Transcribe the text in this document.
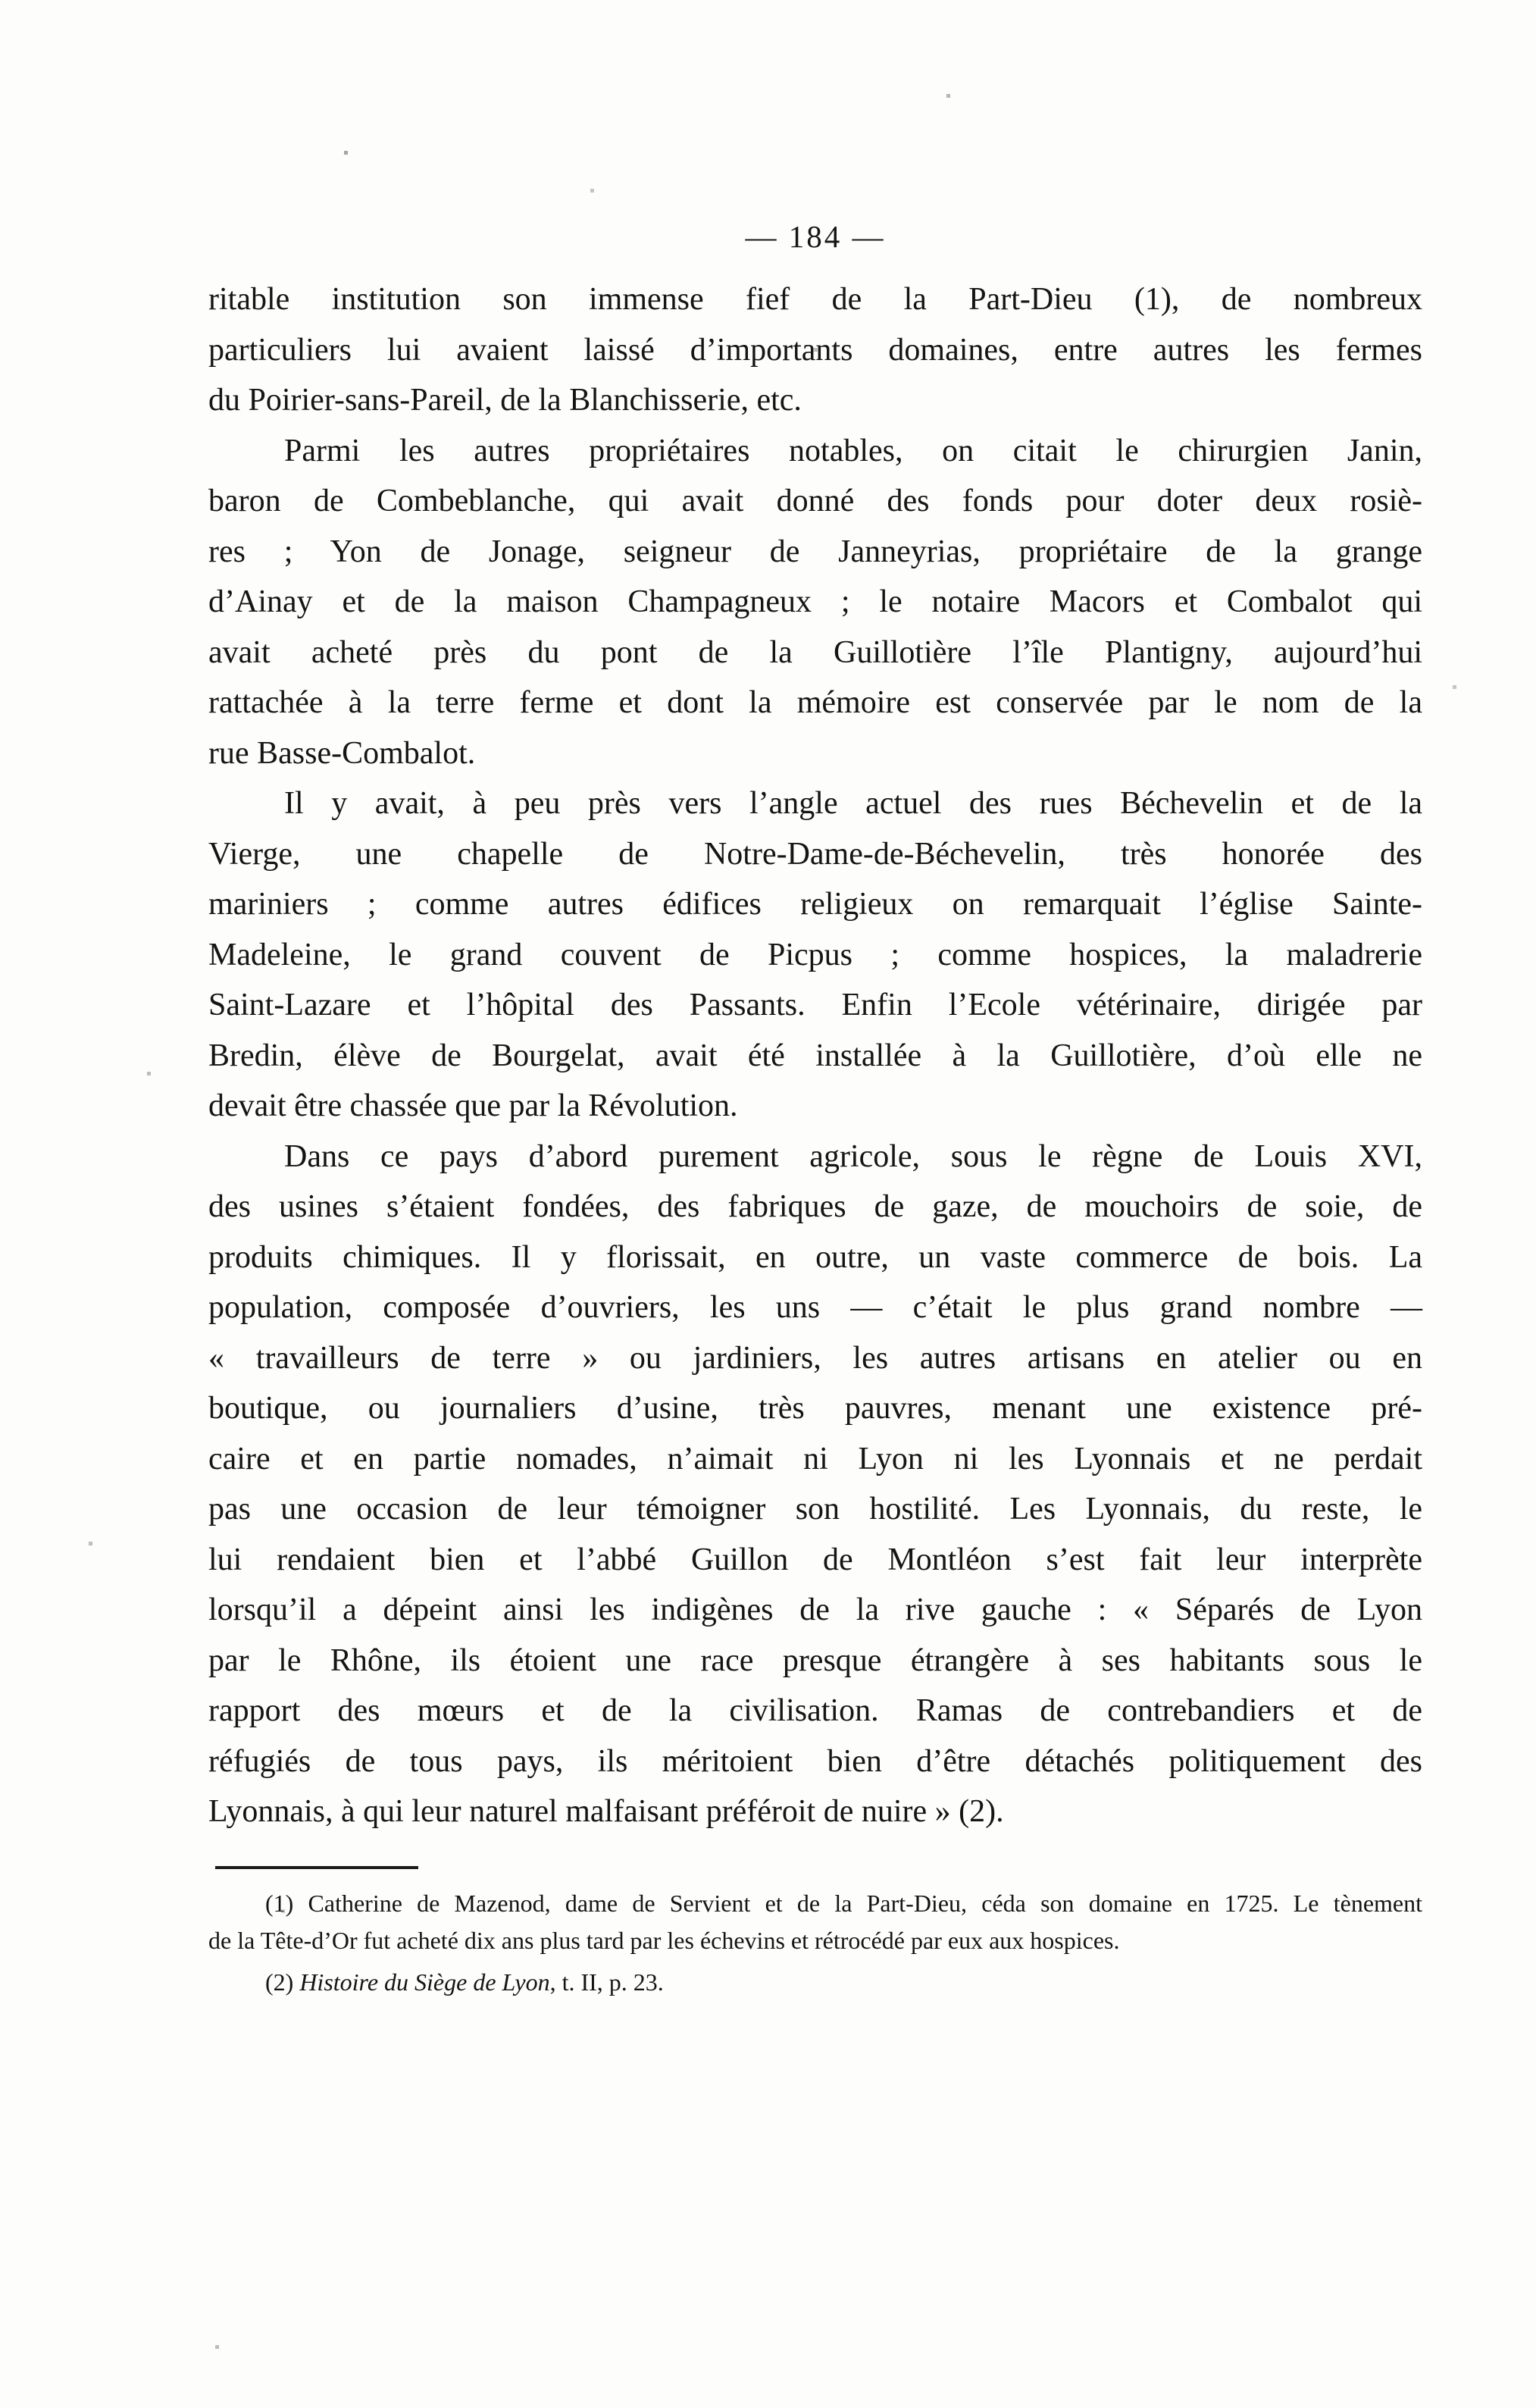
— 184 —
ritable institution son immense fief de la Part-Dieu (1), de nombreux
particuliers lui avaient laissé d’importants domaines, entre autres les fermes
du Poirier-sans-Pareil, de la Blanchisserie, etc.
Parmi les autres propriétaires notables, on citait le chirurgien Janin,
baron de Combeblanche, qui avait donné des fonds pour doter deux rosiè-
res ; Yon de Jonage, seigneur de Janneyrias, propriétaire de la grange
d’Ainay et de la maison Champagneux ; le notaire Macors et Combalot qui
avait acheté près du pont de la Guillotière l’île Plantigny, aujourd’hui
rattachée à la terre ferme et dont la mémoire est conservée par le nom de la
rue Basse-Combalot.
Il y avait, à peu près vers l’angle actuel des rues Béchevelin et de la
Vierge, une chapelle de Notre-Dame-de-Béchevelin, très honorée des
mariniers ; comme autres édifices religieux on remarquait l’église Sainte-
Madeleine, le grand couvent de Picpus ; comme hospices, la maladrerie
Saint-Lazare et l’hôpital des Passants. Enfin l’Ecole vétérinaire, dirigée par
Bredin, élève de Bourgelat, avait été installée à la Guillotière, d’où elle ne
devait être chassée que par la Révolution.
Dans ce pays d’abord purement agricole, sous le règne de Louis XVI,
des usines s’étaient fondées, des fabriques de gaze, de mouchoirs de soie, de
produits chimiques. Il y florissait, en outre, un vaste commerce de bois. La
population, composée d’ouvriers, les uns — c’était le plus grand nombre —
« travailleurs de terre » ou jardiniers, les autres artisans en atelier ou en
boutique, ou journaliers d’usine, très pauvres, menant une existence pré-
caire et en partie nomades, n’aimait ni Lyon ni les Lyonnais et ne perdait
pas une occasion de leur témoigner son hostilité. Les Lyonnais, du reste, le
lui rendaient bien et l’abbé Guillon de Montléon s’est fait leur interprète
lorsqu’il a dépeint ainsi les indigènes de la rive gauche : « Séparés de Lyon
par le Rhône, ils étoient une race presque étrangère à ses habitants sous le
rapport des mœurs et de la civilisation. Ramas de contrebandiers et de
réfugiés de tous pays, ils méritoient bien d’être détachés politiquement des
Lyonnais, à qui leur naturel malfaisant préféroit de nuire » (2).
(1) Catherine de Mazenod, dame de Servient et de la Part-Dieu, céda son domaine en 1725. Le tènement
de la Tête-d’Or fut acheté dix ans plus tard par les échevins et rétrocédé par eux aux hospices.
(2) Histoire du Siège de Lyon, t. II, p. 23.
